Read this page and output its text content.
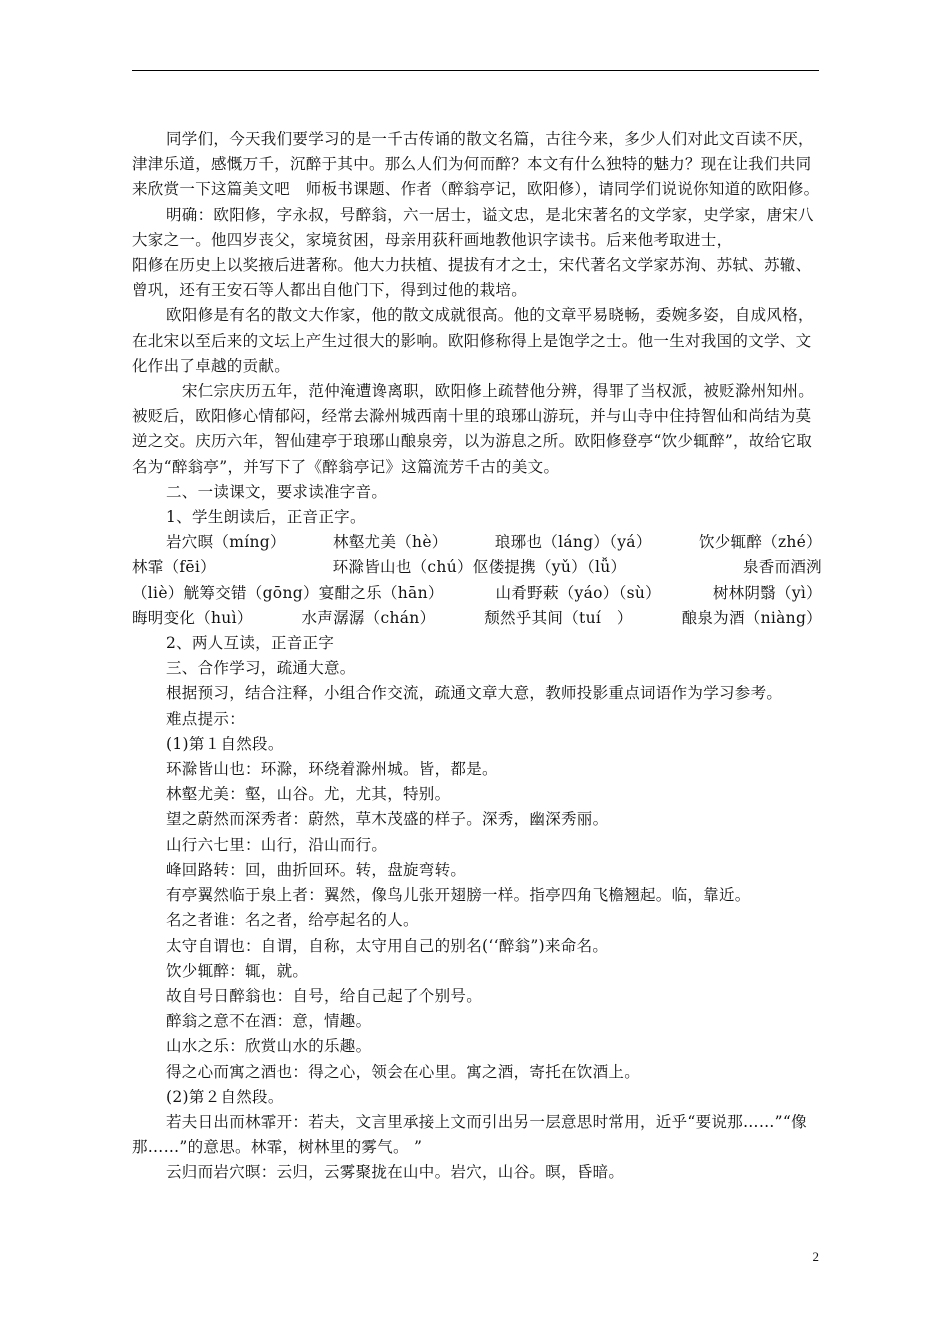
同学们，今天我们要学习的是一千古传诵的散文名篇，古往今来，多少人们对此文百读不厌，津津乐道，感慨万千，沉醉于其中。那么人们为何而醉？本文有什么独特的魅力？现在让我们共同来欣赏一下这篇美文吧　师板书课题、作者（醉翁亭记，欧阳修），请同学们说说你知道的欧阳修。

明确：欧阳修，字永叔，号醉翁，六一居士，谥文忠，是北宋著名的文学家，史学家，唐宋八大家之一。他四岁丧父，家境贫困，母亲用荻秆画地教他识字读书。后来他考取进士，

阳修在历史上以奖掖后进著称。他大力扶植、提拔有才之士，宋代著名文学家苏洵、苏轼、苏辙、曾巩，还有王安石等人都出自他门下，得到过他的栽培。

欧阳修是有名的散文大作家，他的散文成就很高。他的文章平易晓畅，委婉多姿，自成风格，在北宋以至后来的文坛上产生过很大的影响。欧阳修称得上是饱学之士。他一生对我国的文学、文化作出了卓越的贡献。

宋仁宗庆历五年，范仲淹遭谗离职，欧阳修上疏替他分辨，得罪了当权派，被贬滁州知州。被贬后，欧阳修心情郁闷，经常去滁州城西南十里的琅琊山游玩，并与山寺中住持智仙和尚结为莫逆之交。庆历六年，智仙建亭于琅琊山酿泉旁，以为游息之所。欧阳修登亭“饮少辄醉”，故给它取名为“醉翁亭”，并写下了《醉翁亭记》这篇流芳千古的美文。

二、一读课文，要求读准字音。

1、学生朗读后，正音正字。

岩穴暝（míng）	林壑尤美（hè）	琅琊也（láng）（yá）	饮少辄醉（zhé）
林霏（fēi）	环滁皆山也（chú）伛偻提携（yǔ）（lǚ）	泉香而酒洌
（liè）觥筹交错（gōng）宴酣之乐（hān）	山肴野蔌（yáo）（sù）	树林阴翳（yì）
晦明变化（huì）	水声潺潺（chán）	颓然乎其间（tuí　）	酿泉为酒（niàng）

2、两人互读，正音正字

三、合作学习，疏通大意。

根据预习，结合注释，小组合作交流，疏通文章大意，教师投影重点词语作为学习参考。

难点提示：

(1)第１自然段。

环滁皆山也：环滁，环绕着滁州城。皆，都是。

林壑尤美：壑，山谷。尤，尤其，特别。

望之蔚然而深秀者：蔚然，草木茂盛的样子。深秀，幽深秀丽。

山行六七里：山行，沿山而行。

峰回路转：回，曲折回环。转，盘旋弯转。

有亭翼然临于泉上者：翼然，像鸟儿张开翅膀一样。指亭四角飞檐翘起。临，靠近。

名之者谁：名之者，给亭起名的人。

太守自谓也：自谓，自称，太守用自己的别名(‘‘醉翁”)来命名。

饮少辄醉：辄，就。

故自号日醉翁也：自号，给自己起了个别号。

醉翁之意不在酒：意，情趣。

山水之乐：欣赏山水的乐趣。

得之心而寓之酒也：得之心，领会在心里。寓之酒，寄托在饮酒上。

(2)第２自然段。

若夫日出而林霏开：若夫，文言里承接上文而引出另一层意思时常用，近乎“要说那……”“像那……”的意思。林霏，树林里的雾气。 ”

云归而岩穴暝：云归，云雾聚拢在山中。岩穴，山谷。暝，昏暗。

2
